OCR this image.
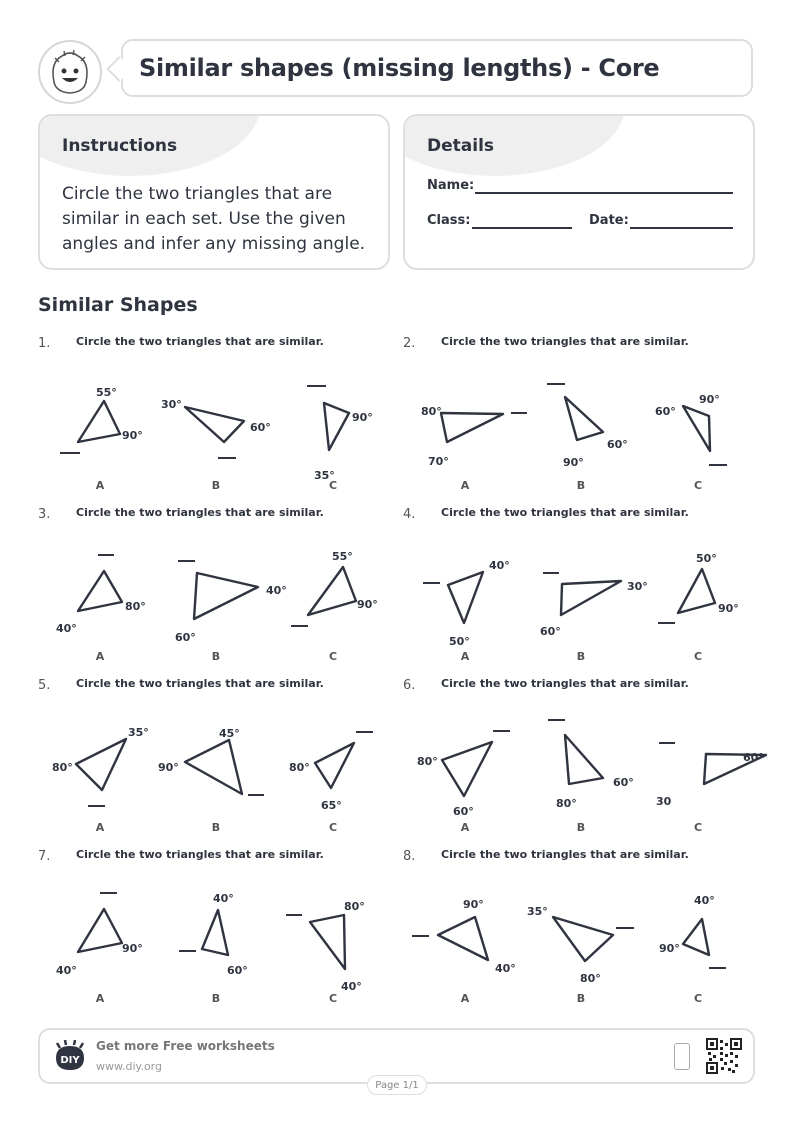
Similar shapes (missing lengths) - Core
Instructions
Circle the two triangles that are similar in each set. Use the given angles and infer any missing angle.
Details
Name:
Class:	Date:
Similar Shapes
1. Circle the two triangles that are similar.
55°
90°
A
30°
60°
B
90°
35°
C
2. Circle the two triangles that are similar.
80°
70°
A
60°
90°
B
60°
90°
C
3. Circle the two triangles that are similar.
80°
40°
A
40°
60°
B
55°
90°
C
4. Circle the two triangles that are similar.
40°
50°
A
30°
60°
B
50°
90°
C
5. Circle the two triangles that are similar.
35°
80°
A
90°
45°
B
80°
65°
C
6. Circle the two triangles that are similar.
80°
60°
A
60°
80°
B
30
60°
C
7. Circle the two triangles that are similar.
90°
40°
A
40°
60°
B
80°
40°
C
8. Circle the two triangles that are similar.
90°
40°
A
35°
80°
B
40°
90°
C
DIY
Get more Free worksheets
www.diy.org
Page 1/1
